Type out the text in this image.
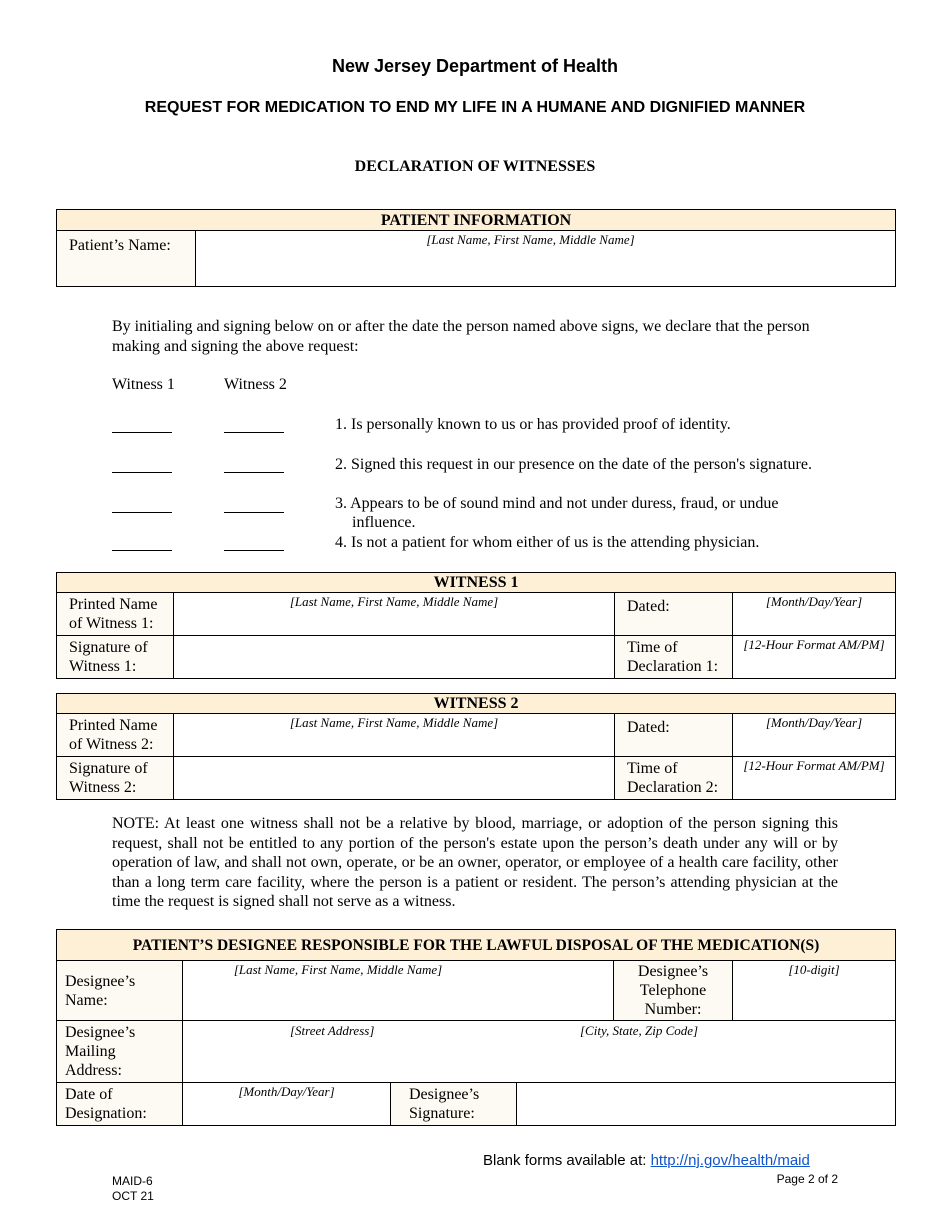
New Jersey Department of Health
REQUEST FOR MEDICATION TO END MY LIFE IN A HUMANE AND DIGNIFIED MANNER
DECLARATION OF WITNESSES
PATIENT INFORMATION
Patient’s Name:	[Last Name, First Name, Middle Name]
By initialing and signing below on or after the date the person named above signs, we declare that the person making and signing the above request:
Witness 1	Witness 2
1. Is personally known to us or has provided proof of identity.
2. Signed this request in our presence on the date of the person's signature.
3. Appears to be of sound mind and not under duress, fraud, or undue influence.
4. Is not a patient for whom either of us is the attending physician.
WITNESS 1			
Printed Name of Witness 1:	[Last Name, First Name, Middle Name]	Dated:	[Month/Day/Year]

Signature of Witness 1:		Time of Declaration 1:	[12-Hour Format AM/PM]
WITNESS 2			
Printed Name of Witness 2:	[Last Name, First Name, Middle Name]	Dated:	[Month/Day/Year]

Signature of Witness 2:		Time of Declaration 2:	[12-Hour Format AM/PM]
NOTE: At least one witness shall not be a relative by blood, marriage, or adoption of the person signing this request, shall not be entitled to any portion of the person's estate upon the person’s death under any will or by operation of law, and shall not own, operate, or be an owner, operator, or employee of a health care facility, other than a long term care facility, where the person is a patient or resident. The person’s attending physician at the time the request is signed shall not serve as a witness.
PATIENT’S DESIGNEE RESPONSIBLE FOR THE LAWFUL DISPOSAL OF THE MEDICATION(S)					
Designee’s Name:	[Last Name, First Name, Middle Name]			Designee’s Telephone Number:	[10-digit]

Designee’s Mailing Address:	[Street Address] [City, State, Zip Code]				

Date of Designation:	[Month/Day/Year]	Designee’s Signature:			
Blank forms available at: http://nj.gov/health/maid
MAID-6
OCT 21
Page 2 of 2
